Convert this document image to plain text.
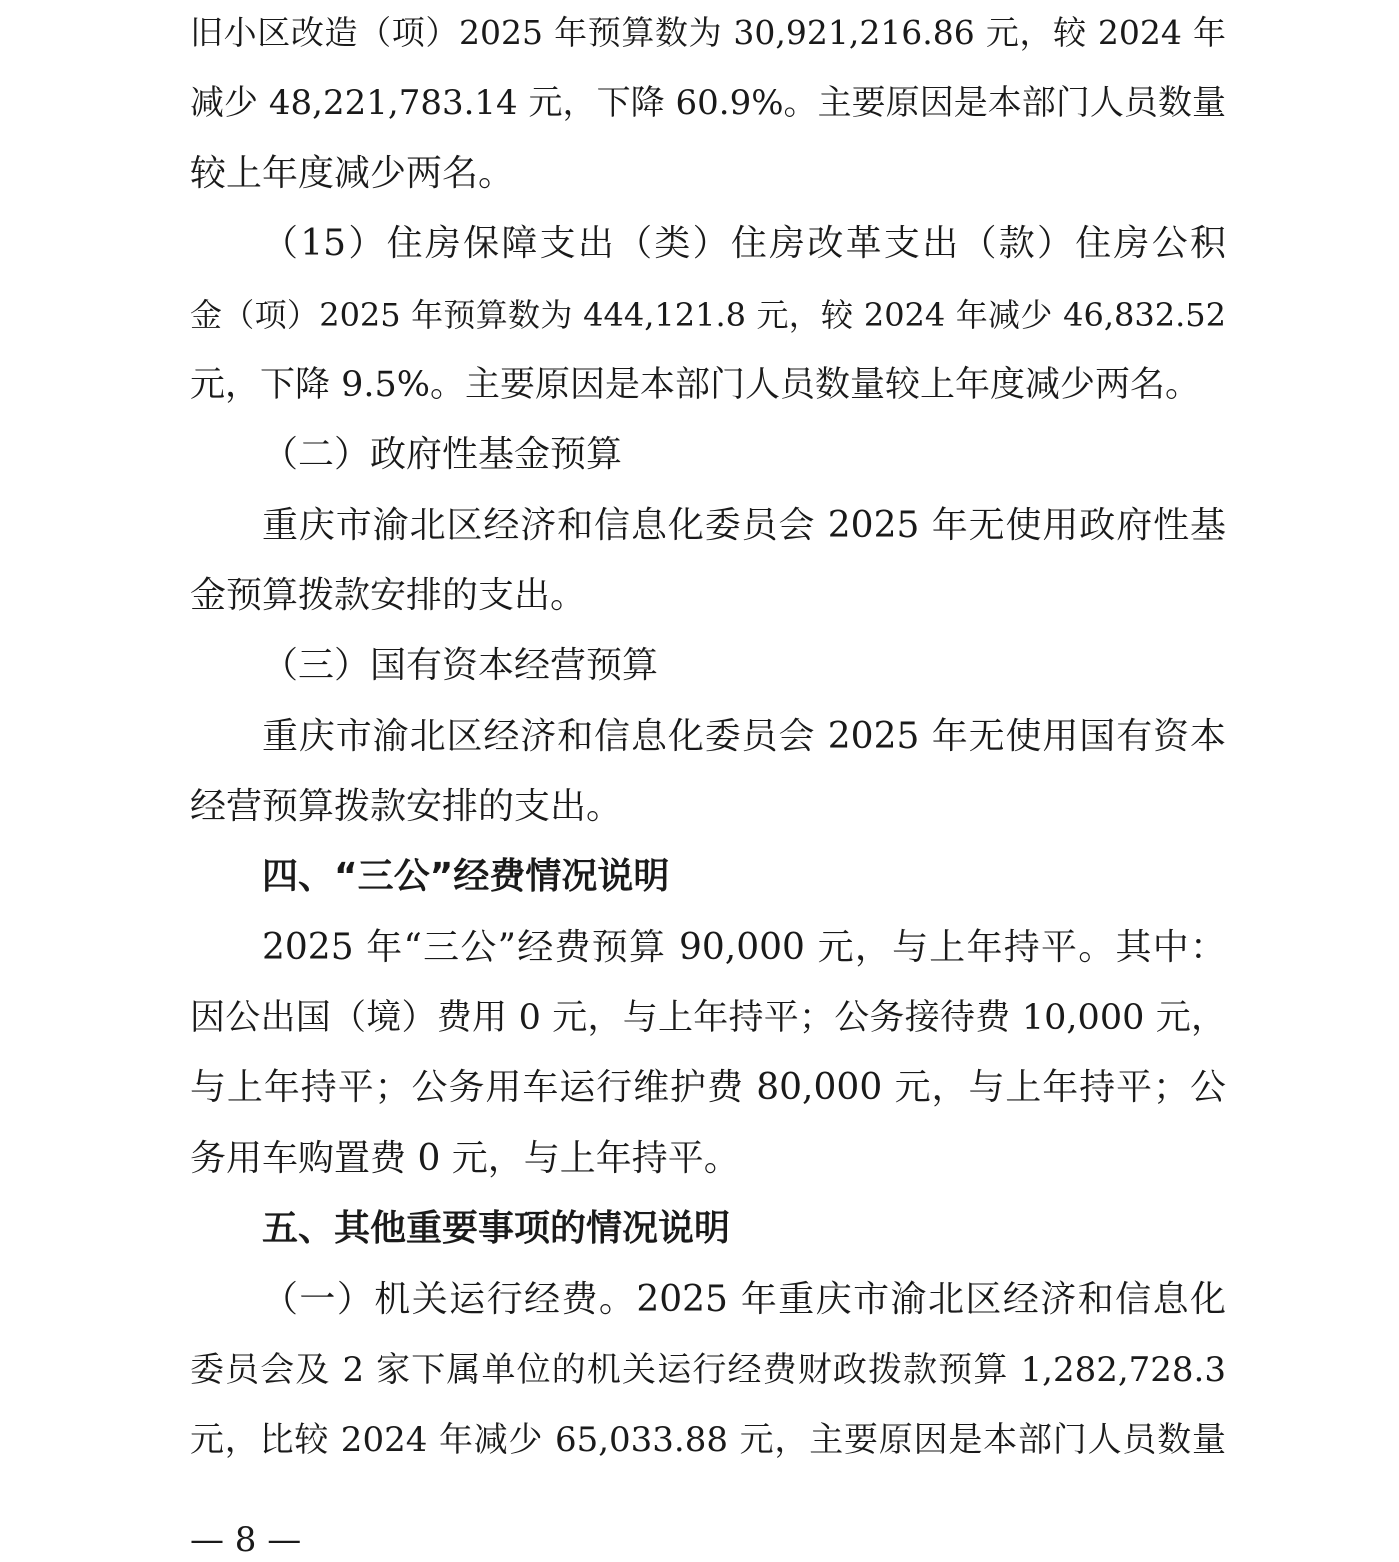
旧小区改造（项）2025 年预算数为 30,921,216.86 元，较 2024 年
减少 48,221,783.14 元，下降 60.9%。主要原因是本部门人员数量
较上年度减少两名。
（15）住房保障支出（类）住房改革支出（款）住房公积
金（项）2025 年预算数为 444,121.8 元，较 2024 年减少 46,832.52
元，下降 9.5%。主要原因是本部门人员数量较上年度减少两名。
（二）政府性基金预算
重庆市渝北区经济和信息化委员会 2025 年无使用政府性基
金预算拨款安排的支出。
（三）国有资本经营预算
重庆市渝北区经济和信息化委员会 2025 年无使用国有资本
经营预算拨款安排的支出。
四、“三公”经费情况说明
2025 年“三公”经费预算 90,000 元，与上年持平。其中：
因公出国（境）费用 0 元，与上年持平；公务接待费 10,000 元，
与上年持平；公务用车运行维护费 80,000 元，与上年持平；公
务用车购置费 0 元，与上年持平。
五、其他重要事项的情况说明
（一）机关运行经费。2025 年重庆市渝北区经济和信息化
委员会及 2 家下属单位的机关运行经费财政拨款预算 1,282,728.3
元，比较 2024 年减少 65,033.88 元，主要原因是本部门人员数量
— 8 —
